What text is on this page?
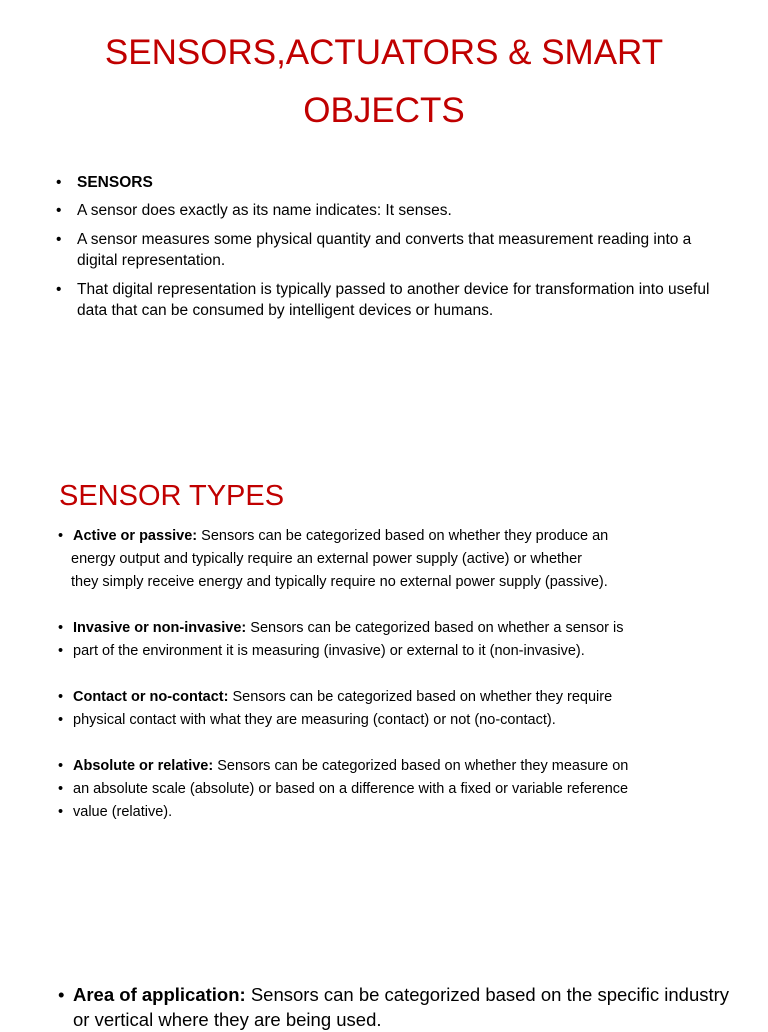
SENSORS,ACTUATORS & SMART OBJECTS
• SENSORS
• A sensor does exactly as its name indicates: It senses.
• A sensor measures some physical quantity and converts that measurement reading into a digital representation.
• That digital representation is typically passed to another device for transformation into useful data that can be consumed by intelligent devices or humans.
SENSOR TYPES
• Active or passive: Sensors can be categorized based on whether they produce an
energy output and typically require an external power supply (active) or whether
they simply receive energy and typically require no external power supply (passive).
• Invasive or non-invasive: Sensors can be categorized based on whether a sensor is
• part of the environment it is measuring (invasive) or external to it (non-invasive).
• Contact or no-contact: Sensors can be categorized based on whether they require
• physical contact with what they are measuring (contact) or not (no-contact).
• Absolute or relative: Sensors can be categorized based on whether they measure on
• an absolute scale (absolute) or based on a difference with a fixed or variable reference
• value (relative).
• Area of application: Sensors can be categorized based on the specific industry or vertical where they are being used.
